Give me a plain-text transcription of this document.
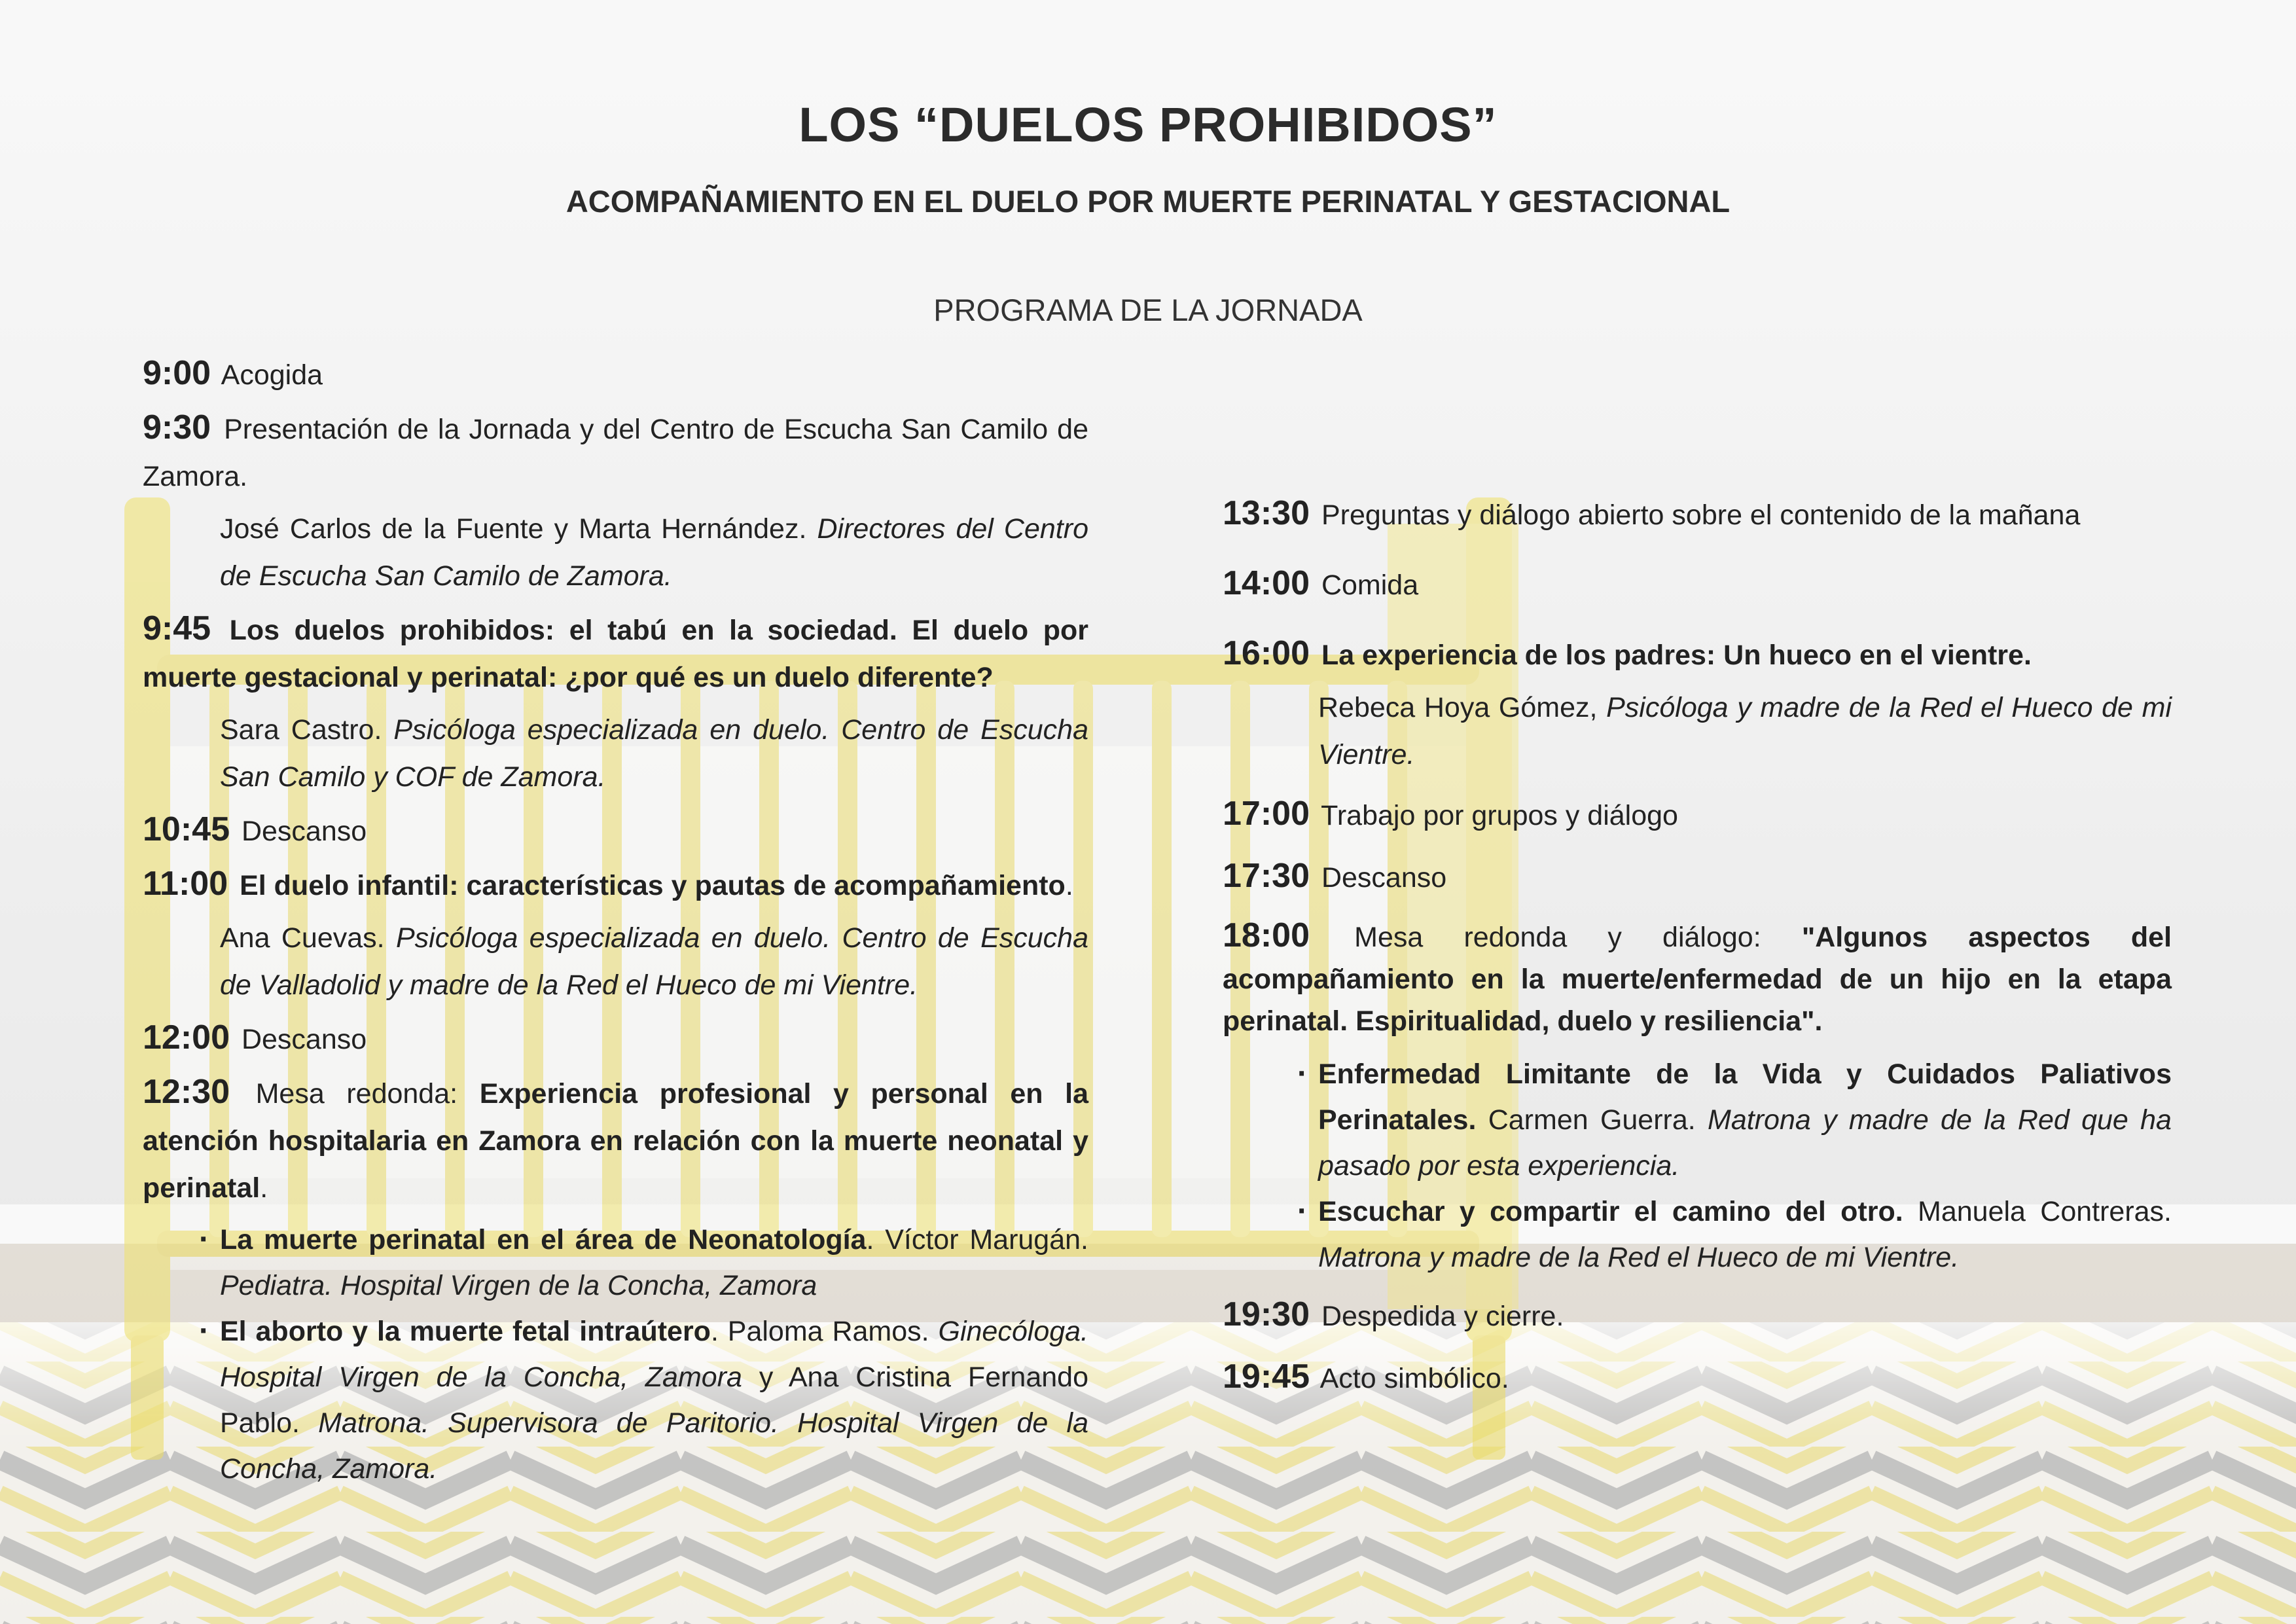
LOS “DUELOS PROHIBIDOS”
ACOMPAÑAMIENTO EN EL DUELO POR MUERTE PERINATAL Y GESTACIONAL
PROGRAMA DE LA JORNADA
9:00 Acogida
9:30 Presentación de la Jornada y del Centro de Escucha San Camilo de Zamora.
José Carlos de la Fuente y Marta Hernández. Directores del Centro de Escucha San Camilo de Zamora.
9:45 Los duelos prohibidos: el tabú en la sociedad. El duelo por muerte gestacional y perinatal: ¿por qué es un duelo diferente?
Sara Castro. Psicóloga especializada en duelo. Centro de Escucha San Camilo y COF de Zamora.
10:45 Descanso
11:00 El duelo infantil: características y pautas de acompañamiento.
Ana Cuevas. Psicóloga especializada en duelo. Centro de Escucha de Valladolid y madre de la Red el Hueco de mi Vientre.
12:00 Descanso
12:30 Mesa redonda: Experiencia profesional y personal en la atención hospitalaria en Zamora en relación con la muerte neonatal y perinatal.
· La muerte perinatal en el área de Neonatología. Víctor Marugán. Pediatra. Hospital Virgen de la Concha, Zamora
· El aborto y la muerte fetal intraútero. Paloma Ramos. Ginecóloga. Hospital Virgen de la Concha, Zamora y Ana Cristina Fernando Pablo. Matrona. Supervisora de Paritorio. Hospital Virgen de la Concha, Zamora.
13:30 Preguntas y diálogo abierto sobre el contenido de la mañana
14:00 Comida
16:00 La experiencia de los padres: Un hueco en el vientre.
Rebeca Hoya Gómez, Psicóloga y madre de la Red el Hueco de mi Vientre.
17:00 Trabajo por grupos y diálogo
17:30 Descanso
18:00 Mesa redonda y diálogo: "Algunos aspectos del acompañamiento en la muerte/enfermedad de un hijo en la etapa perinatal. Espiritualidad, duelo y resiliencia".
· Enfermedad Limitante de la Vida y Cuidados Paliativos Perinatales. Carmen Guerra. Matrona y madre de la Red que ha pasado por esta experiencia.
· Escuchar y compartir el camino del otro. Manuela Contreras. Matrona y madre de la Red el Hueco de mi Vientre.
19:30 Despedida y cierre.
19:45 Acto simbólico.
